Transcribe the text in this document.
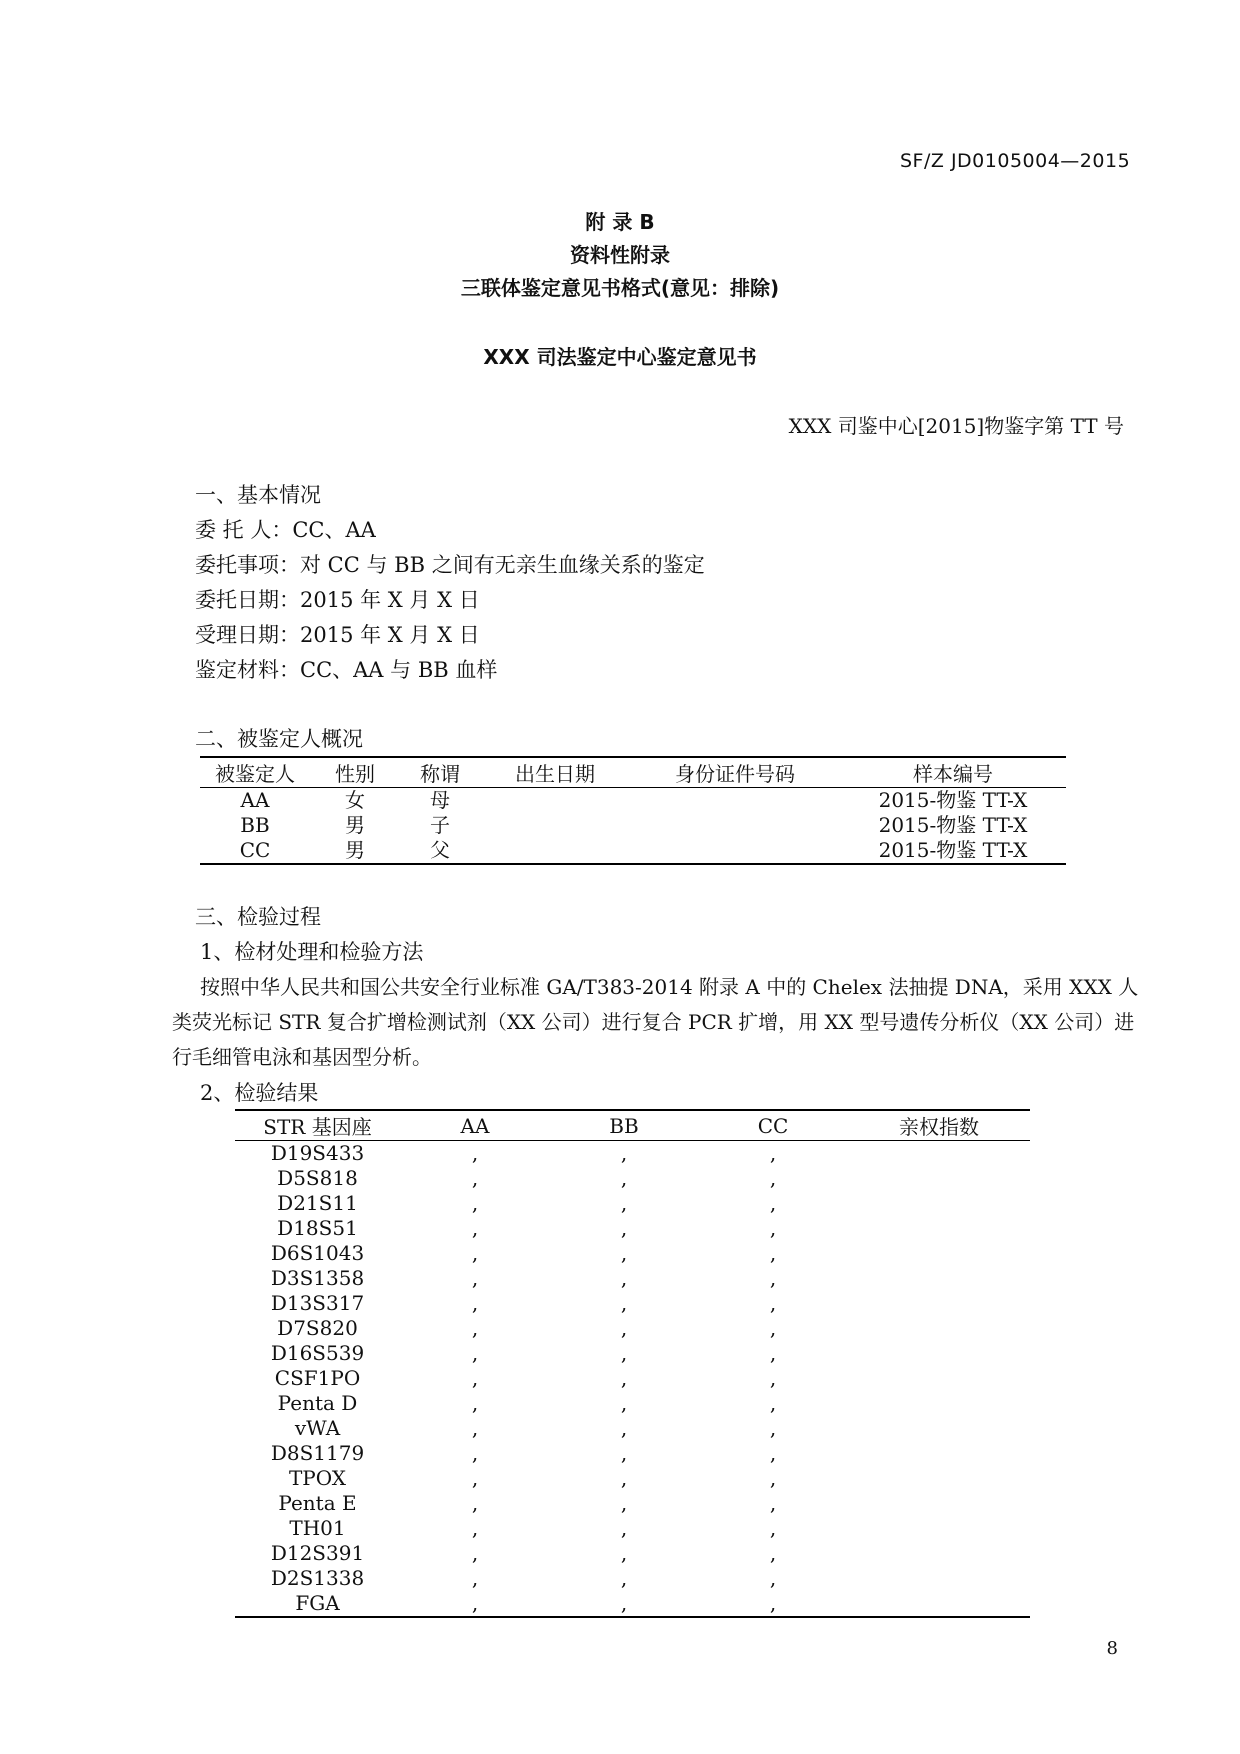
SF/Z JD0105004—2015
附 录 B
资料性附录
三联体鉴定意见书格式(意见：排除)
XXX 司法鉴定中心鉴定意见书
XXX 司鉴中心[2015]物鉴字第 TT 号
一、基本情况
委 托 人：CC、AA
委托事项：对 CC 与 BB 之间有无亲生血缘关系的鉴定
委托日期：2015 年 X 月 X 日
受理日期：2015 年 X 月 X 日
鉴定材料：CC、AA 与 BB 血样
二、被鉴定人概况
被鉴定人	性别	称谓	出生日期	身份证件号码	样本编号
AA	女	母			2015-物鉴 TT-X
BB	男	子			2015-物鉴 TT-X
CC	男	父			2015-物鉴 TT-X
三、检验过程
1、检材处理和检验方法
按照中华人民共和国公共安全行业标准 GA/T383-2014 附录 A 中的 Chelex 法抽提 DNA，采用 XXX 人
类荧光标记 STR 复合扩增检测试剂（XX 公司）进行复合 PCR 扩增，用 XX 型号遗传分析仪（XX 公司）进
行毛细管电泳和基因型分析。
2、检验结果
STR 基因座	AA	BB	CC	亲权指数
D19S433	,	,	,	
D5S818	,	,	,	
D21S11	,	,	,	
D18S51	,	,	,	
D6S1043	,	,	,	
D3S1358	,	,	,	
D13S317	,	,	,	
D7S820	,	,	,	
D16S539	,	,	,	
CSF1PO	,	,	,	
Penta D	,	,	,	
vWA	,	,	,	
D8S1179	,	,	,	
TPOX	,	,	,	
Penta E	,	,	,	
TH01	,	,	,	
D12S391	,	,	,	
D2S1338	,	,	,	
FGA	,	,	,	
8
